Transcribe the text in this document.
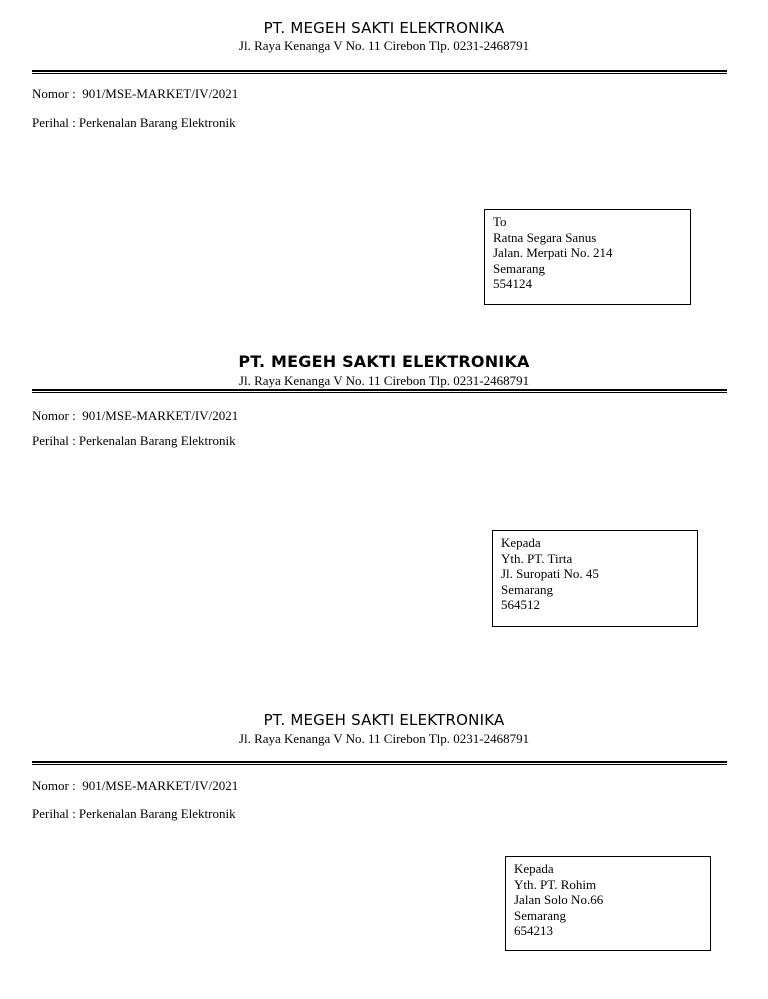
PT. MEGEH SAKTI ELEKTRONIKA
Jl. Raya Kenanga V No. 11 Cirebon Tlp. 0231-2468791
Nomor :  901/MSE-MARKET/IV/2021
Perihal : Perkenalan Barang Elektronik
To
Ratna Segara Sanus
Jalan. Merpati No. 214
Semarang
554124
PT. MEGEH SAKTI ELEKTRONIKA
Jl. Raya Kenanga V No. 11 Cirebon Tlp. 0231-2468791
Nomor :  901/MSE-MARKET/IV/2021
Perihal : Perkenalan Barang Elektronik
Kepada
Yth. PT. Tirta
Jl. Suropati No. 45
Semarang
564512
PT. MEGEH SAKTI ELEKTRONIKA
Jl. Raya Kenanga V No. 11 Cirebon Tlp. 0231-2468791
Nomor :  901/MSE-MARKET/IV/2021
Perihal : Perkenalan Barang Elektronik
Kepada
Yth. PT. Rohim
Jalan Solo No.66
Semarang
654213
